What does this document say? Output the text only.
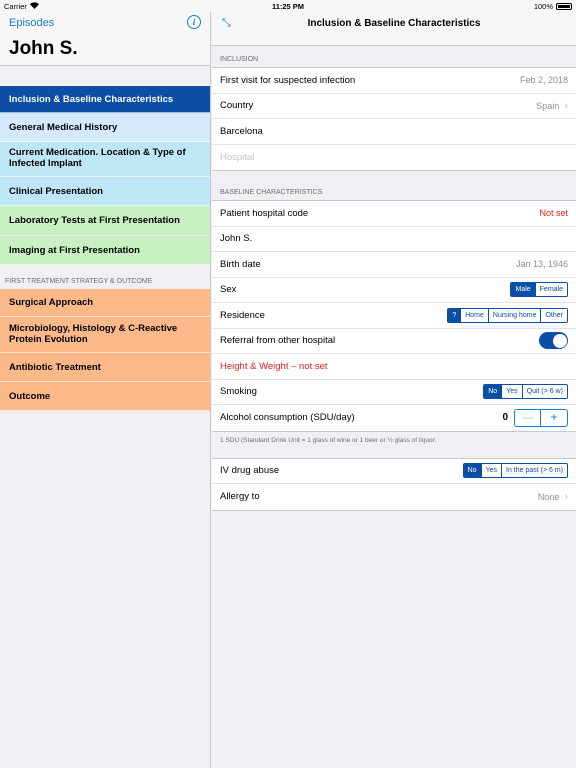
Carrier	11:25 PM	100%
Episodes	i
John S.
Inclusion & Baseline Characteristics
General Medical History
Current Medication. Location & Type of Infected Implant
Clinical Presentation
Laboratory Tests at First Presentation
Imaging at First Presentation
FIRST TREATMENT STRATEGY & OUTCOME
Surgical Approach
Microbiology, Histology & C-Reactive Protein Evolution
Antibiotic Treatment
Outcome
⤡	Inclusion & Baseline Characteristics
INCLUSION
First visit for suspected infection	Feb 2, 2018
Country	Spain ›
Barcelona
Hospital
BASELINE CHARACTERISTICS
Patient hospital code	Not set
John S.
Birth date	Jan 13, 1946
Sex	Male	Female
Residence	?	Home	Nursing home	Other
Referral from other hospital
Height & Weight – not set
Smoking	No	Yes	Quit (> 6 w)
Alcohol consumption (SDU/day)	0	—	+
1 SDU (Standard Drink Unit = 1 glass of wine or 1 beer or ½ glass of liquor.
IV drug abuse	No	Yes	In the past (> 6 m)
Allergy to	None ›
